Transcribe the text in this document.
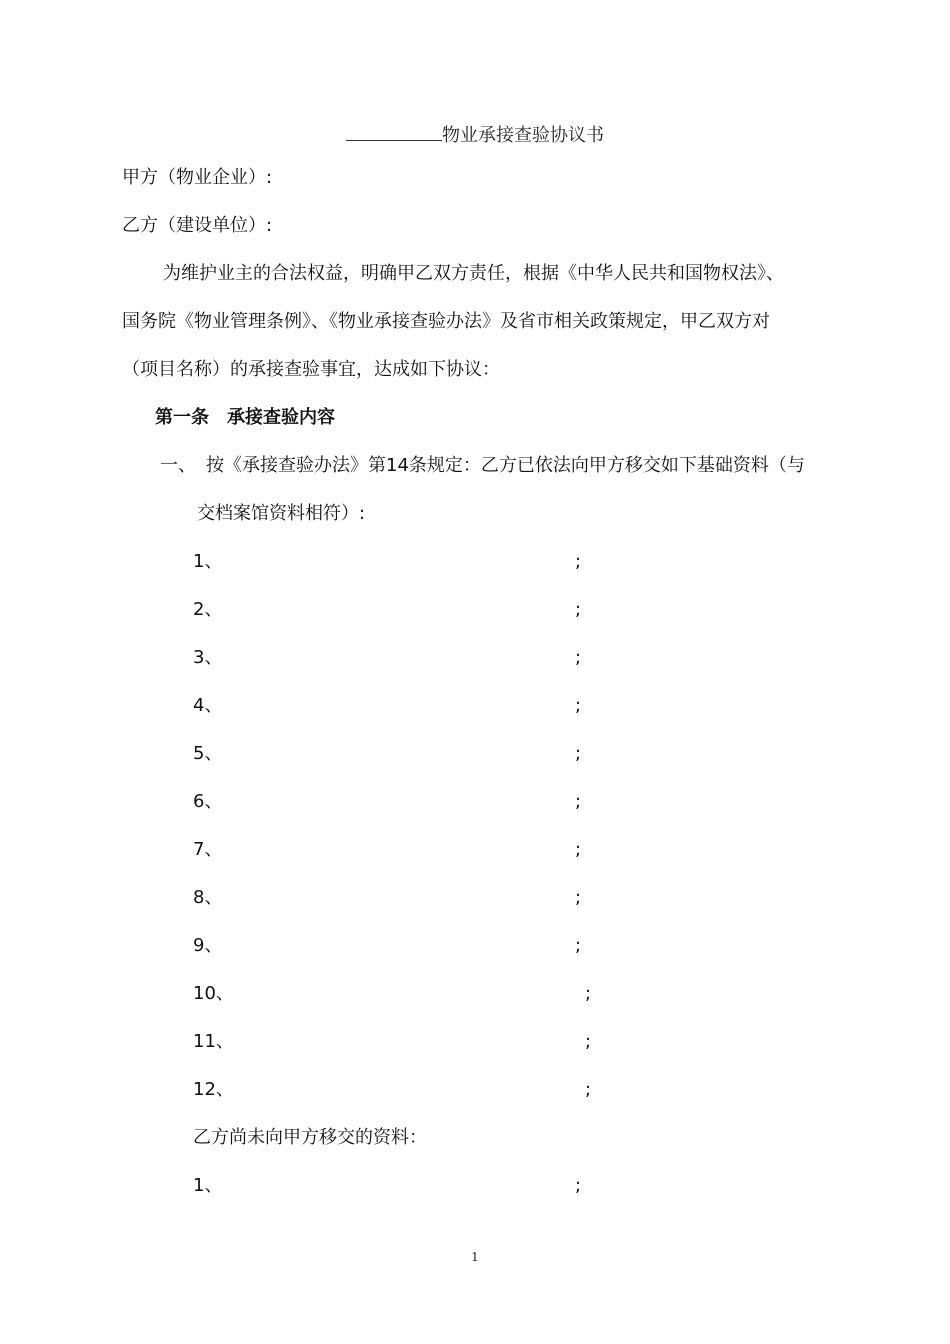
物业承接查验协议书
甲方（物业企业）:
乙方（建设单位）:
为维护业主的合法权益，明确甲乙双方责任，根据《中华人民共和国物权法》、
国务院《物业管理条例》、《物业承接查验办法》及省市相关政策规定，甲乙双方对
（项目名称）的承接查验事宜，达成如下协议：
第一条　承接查验内容
一、 按《承接查验办法》第14条规定：乙方已依法向甲方移交如下基础资料（与
交档案馆资料相符）:
1、	;
2、	;
3、	;
4、	;
5、	;
6、	;
7、	;
8、	;
9、	;
10、	;
11、	;
12、	;
乙方尚未向甲方移交的资料：
1、	;
1
